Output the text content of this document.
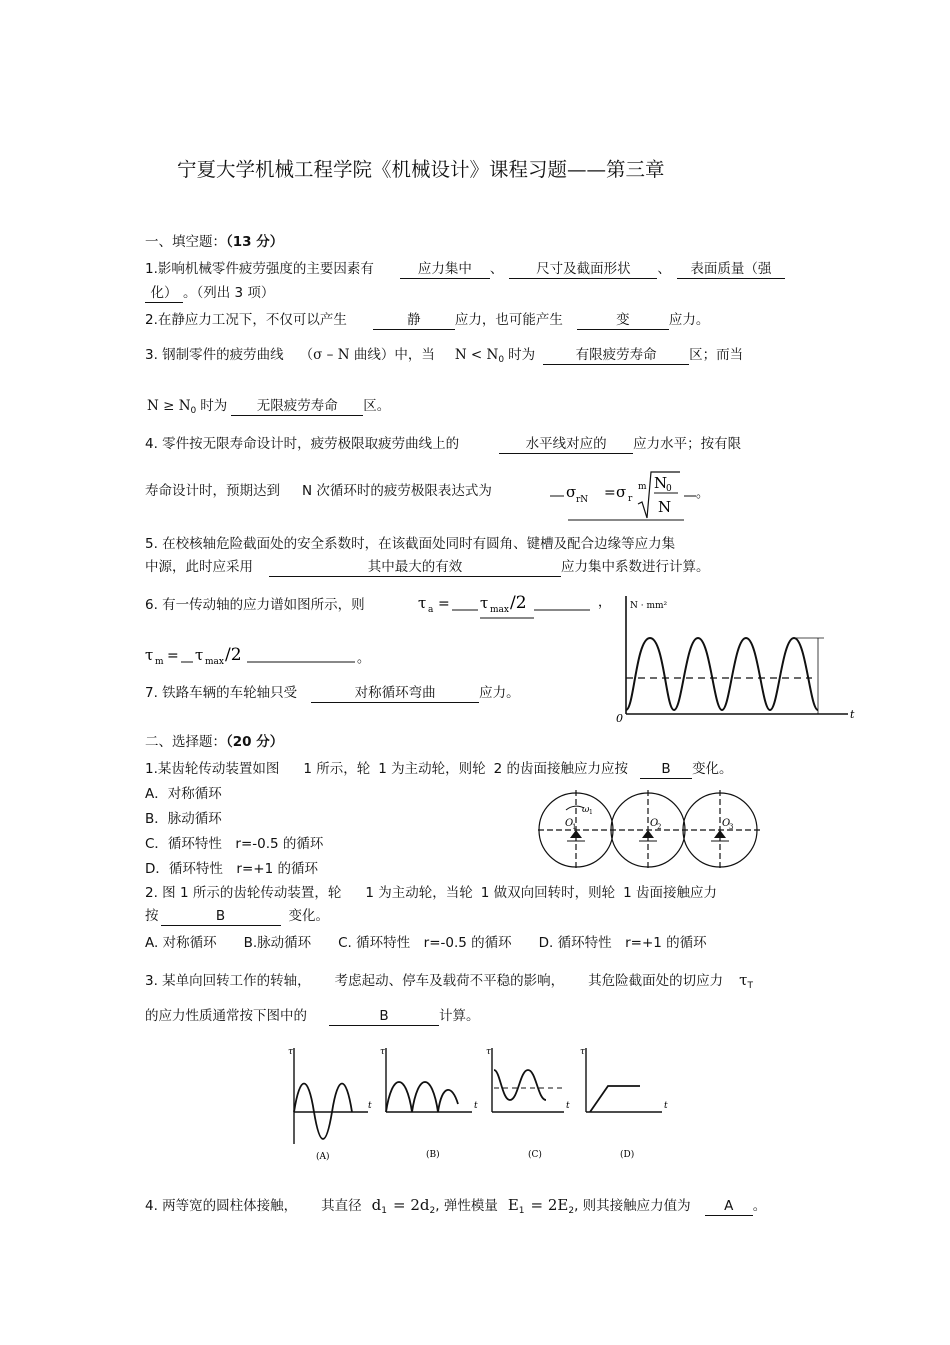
宁夏大学机械工程学院《机械设计》课程习题——第三章
一、填空题：（13 分）
1.影响机械零件疲劳强度的主要因素有	应力集中 、 尺寸及截面形状 、 表面质量（强
化） 。（列出 3 项）
2.在静应力工况下，不仅可以产生	静	应力，也可能产生	变	应力。
3. 钢制零件的疲劳曲线 （σ – N 曲线）中，当 $N < N_0$ 时为	有限疲劳寿命 区；而当
$N \ge N_0$ 时为 无限疲劳寿命 区。
4. 零件按无限寿命设计时，疲劳极限取疲劳曲线上的	水平线对应的 应力水平；按有限
寿命设计时，预期达到 N 次循环时的疲劳极限表达式为	σ rN = σ r
m N
0
N
。
5. 在校核轴危险截面处的安全系数时，在该截面处同时有圆角、键槽及配合边缘等应力集
中源，此时应采用	其中最大的有效	应力集中系数进行计算。
6. 有一传动轴的应力谱如图所示，则	τ a = τ max /2	，
τ m = τ max /2	。
7. 铁路车辆的车轮轴只受	对称循环弯曲	应力。
N · mm²
t
0
二、选择题：（20 分）
1.某齿轮传动装置如图 1 所示，轮 1 为主动轮，则轮 2 的齿面接触应力应按 B 变化。
A．对称循环
B．脉动循环
C．循环特性　r=-0.5 的循环
D．循环特性　r=+1 的循环
O
1	O
2	O
3
ω 1
2. 图 1 所示的齿轮传动装置，轮 1 为主动轮，当轮 1 做双向回转时，则轮 1 齿面接触应力
按	B	变化。
A. 对称循环　　B.脉动循环　　C. 循环特性　r=-0.5 的循环　　D. 循环特性　r=+1 的循环
3. 某单向回转工作的转轴， 考虑起动、停车及载荷不平稳的影响， 其危险截面处的切应力 $\tau_T$
的应力性质通常按下图中的	B	计算。
τ	τ	τ	τ
t	t	t	t
(A)	(B)	(C)	(D)
4. 两等宽的圆柱体接触， 其直径 $d_1 = 2d_2$, 弹性模量 $E_1 = 2E_2$, 则其接触应力值为 A 。
